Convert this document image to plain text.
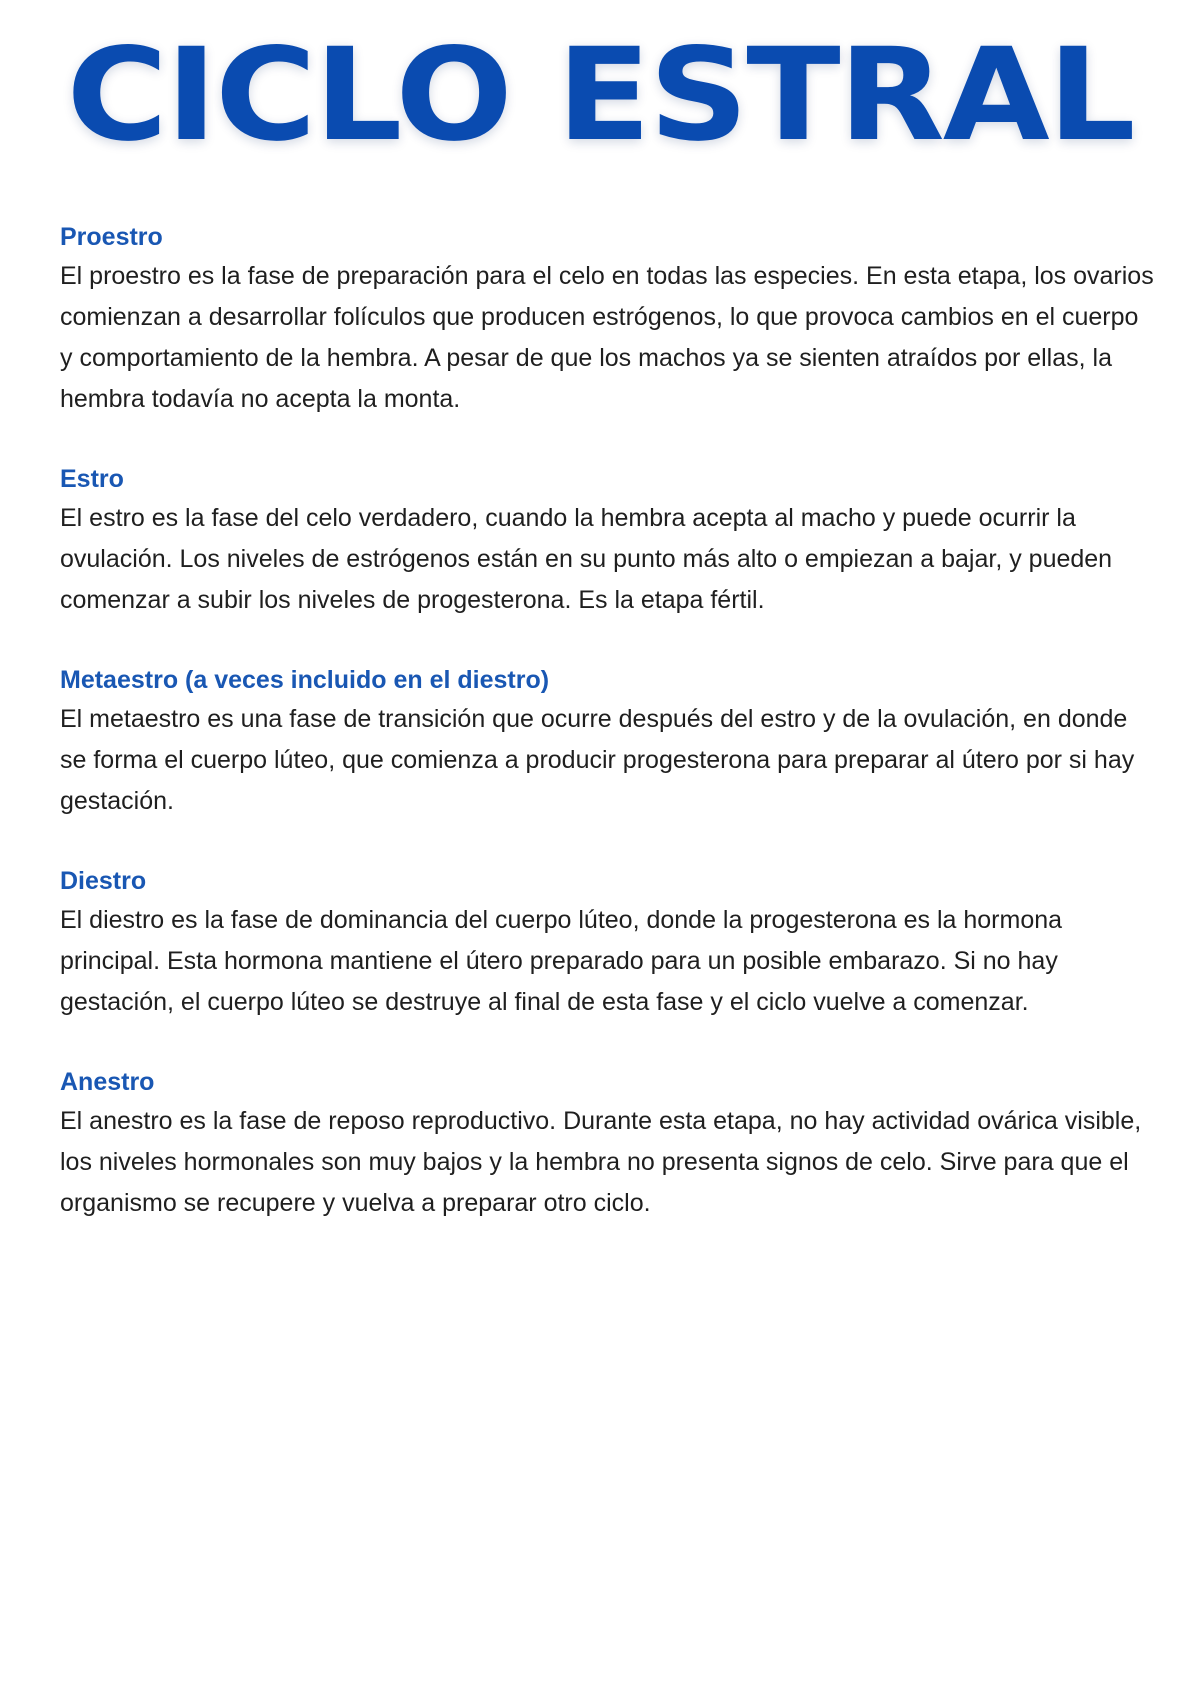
CICLO ESTRAL
Proestro

El proestro es la fase de preparación para el celo en todas las especies. En esta etapa, los ovarios comienzan a desarrollar folículos que producen estrógenos, lo que provoca cambios en el cuerpo y comportamiento de la hembra. A pesar de que los machos ya se sienten atraídos por ellas, la hembra todavía no acepta la monta.

Estro

El estro es la fase del celo verdadero, cuando la hembra acepta al macho y puede ocurrir la ovulación. Los niveles de estrógenos están en su punto más alto o empiezan a bajar, y pueden comenzar a subir los niveles de progesterona. Es la etapa fértil.

Metaestro (a veces incluido en el diestro)

El metaestro es una fase de transición que ocurre después del estro y de la ovulación, en donde se forma el cuerpo lúteo, que comienza a producir progesterona para preparar al útero por si hay gestación.

Diestro

El diestro es la fase de dominancia del cuerpo lúteo, donde la progesterona es la hormona principal. Esta hormona mantiene el útero preparado para un posible embarazo. Si no hay gestación, el cuerpo lúteo se destruye al final de esta fase y el ciclo vuelve a comenzar.

Anestro

El anestro es la fase de reposo reproductivo. Durante esta etapa, no hay actividad ovárica visible, los niveles hormonales son muy bajos y la hembra no presenta signos de celo. Sirve para que el organismo se recupere y vuelva a preparar otro ciclo.
